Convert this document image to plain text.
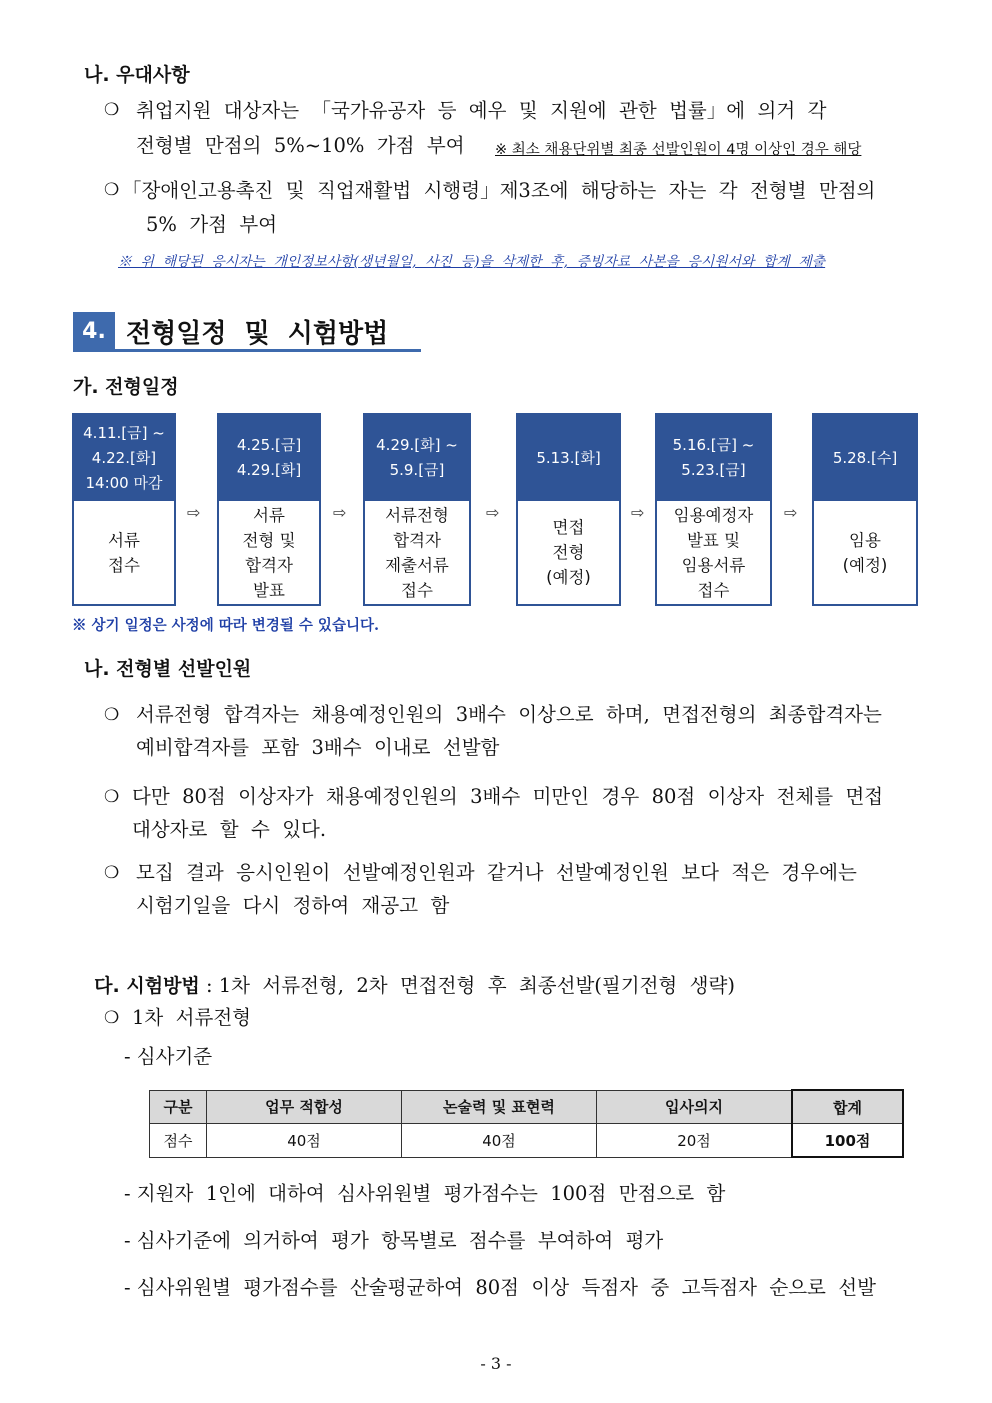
나. 우대사항
❍ 취업지원  대상자는  「국가유공자  등  예우  및  지원에  관한  법률」에  의거  각
전형별  만점의  5%~10%  가점  부여 ※ 최소 채용단위별 최종 선발인원이 4명 이상인 경우 해당
❍ 「장애인고용촉진  및  직업재활법  시행령」제3조에  해당하는  자는  각  전형별  만점의
5%  가점  부여
※  위  해당된  응시자는  개인정보사항(생년월일,  사진  등)을  삭제한  후,  증빙자료  사본을  응시원서와  합계  제출
4. 전형일정  및  시험방법
가. 전형일정
4.11.[금] ~
4.22.[화]
14:00 마감
서류
접수
⇨
4.25.[금]
4.29.[화]
서류
전형 및
합격자
발표
⇨
4.29.[화] ~
5.9.[금]
서류전형
합격자
제출서류
접수
⇨
5.13.[화]
면접
전형
(예정)
⇨
5.16.[금] ~
5.23.[금]
임용예정자
발표 및
임용서류
접수
⇨
5.28.[수]
임용
(예정)
※ 상기 일정은 사정에 따라 변경될 수 있습니다.
나. 전형별 선발인원
❍ 서류전형  합격자는  채용예정인원의  3배수  이상으로  하며,  면접전형의  최종합격자는
예비합격자를  포함  3배수  이내로  선발함
❍ 다만  80점  이상자가  채용예정인원의  3배수  미만인  경우  80점  이상자  전체를  면접
대상자로  할  수  있다.
❍ 모집  결과  응시인원이  선발예정인원과  같거나  선발예정인원  보다  적은  경우에는
시험기일을  다시  정하여  재공고  함

다. 시험방법 : 1차  서류전형,  2차  면접전형  후  최종선발(필기전형  생략)

❍ 1차  서류전형
- 심사기준
구분	업무 적합성	논술력 및 표현력	입사의지	합계
점수	40점	40점	20점	100점
- 지원자  1인에  대하여  심사위원별  평가점수는  100점  만점으로  함
- 심사기준에  의거하여  평가  항목별로  점수를  부여하여  평가
- 심사위원별  평가점수를  산술평균하여  80점  이상  득점자  중  고득점자  순으로  선발
- 3 -
